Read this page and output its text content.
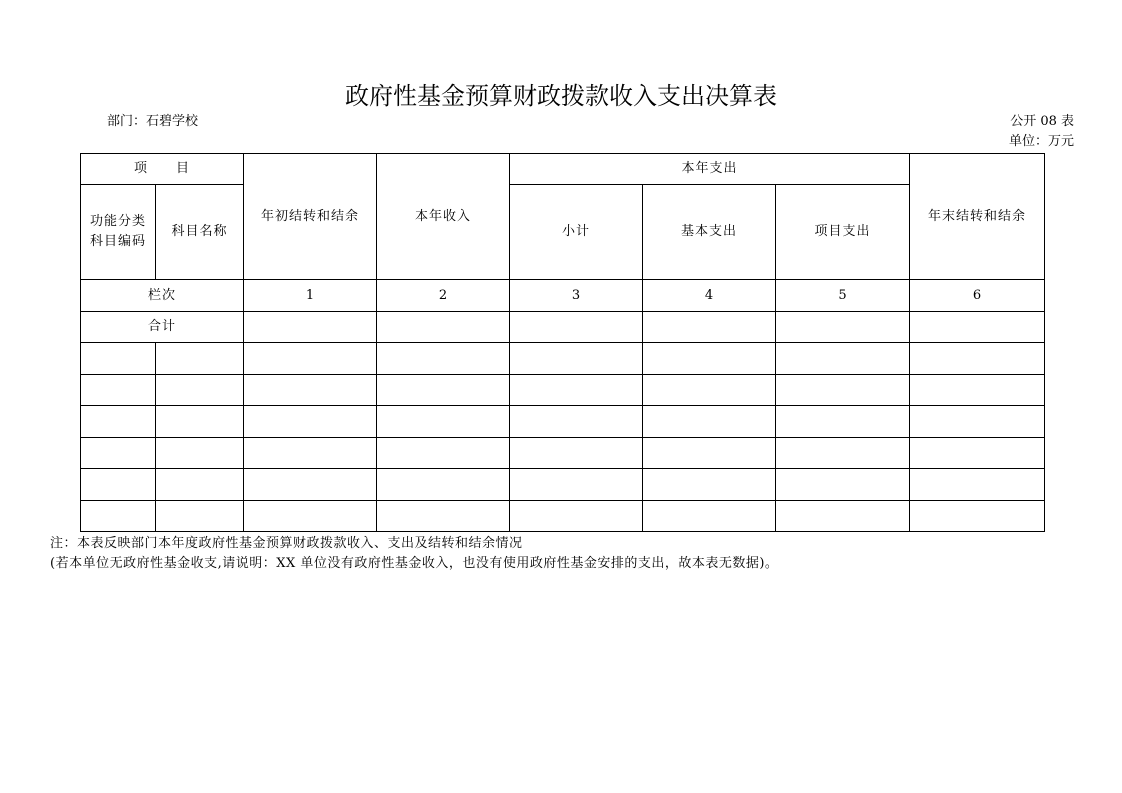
政府性基金预算财政拨款收入支出决算表
部门：石碧学校	公开 08 表
单位：万元
项　　目		年初结转和结余	本年收入	本年支出			年末结转和结余

功能分类
科目编码	科目名称			小计	基本支出	项目支出	
栏次		1	2	3	4	5	6
合计							

注：本表反映部门本年度政府性基金预算财政拨款收入、支出及结转和结余情况
(若本单位无政府性基金收支,请说明：XX 单位没有政府性基金收入，也没有使用政府性基金安排的支出，故本表无数据)。
